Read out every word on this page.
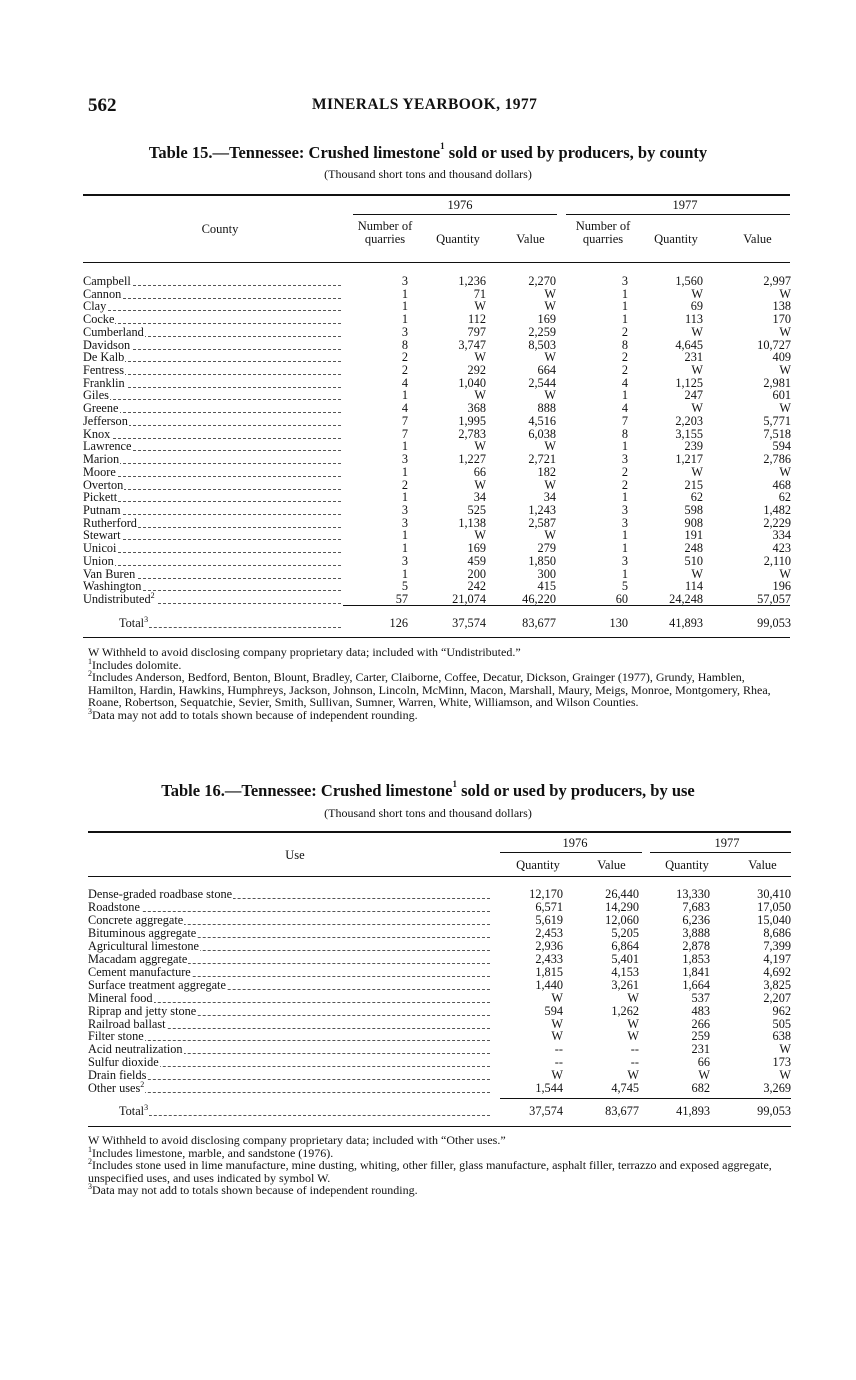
562	MINERALS YEARBOOK, 1977
Table 15.—Tennessee: Crushed limestone$^1$ sold or used by producers, by county
(Thousand short tons and thousand dollars)
1976	1977
County	Number of quarries	Quantity	Value
Number of quarries	Quantity	Value
Campbell	3	1,236	2,270	3	1,560	2,997
Cannon	1	71	W	1	W	W
Clay	1	W	W	1	69	138
Cocke	1	112	169	1	113	170
Cumberland	3	797	2,259	2	W	W
Davidson	8	3,747	8,503	8	4,645	10,727
De Kalb	2	W	W	2	231	409
Fentress	2	292	664	2	W	W
Franklin	4	1,040	2,544	4	1,125	2,981
Giles	1	W	W	1	247	601
Greene	4	368	888	4	W	W
Jefferson	7	1,995	4,516	7	2,203	5,771
Knox	7	2,783	6,038	8	3,155	7,518
Lawrence	1	W	W	1	239	594
Marion	3	1,227	2,721	3	1,217	2,786
Moore	1	66	182	2	W	W
Overton	2	W	W	2	215	468
Pickett	1	34	34	1	62	62
Putnam	3	525	1,243	3	598	1,482
Rutherford	3	1,138	2,587	3	908	2,229
Stewart	1	W	W	1	191	334
Unicoi	1	169	279	1	248	423
Union	3	459	1,850	3	510	2,110
Van Buren	1	200	300	1	W	W
Washington	5	242	415	5	114	196
Undistributed$^2$	57	21,074	46,220	60	24,248	57,057
Total$^3$	126	37,574	83,677	130	41,893	99,053

W Withheld to avoid disclosing company proprietary data; included with “Undistributed.”

$^1$Includes dolomite.

$^2$Includes Anderson, Bedford, Benton, Blount, Bradley, Carter, Claiborne, Coffee, Decatur, Dickson, Grainger (1977), Grundy, Hamblen, Hamilton, Hardin, Hawkins, Humphreys, Jackson, Johnson, Lincoln, McMinn, Macon, Marshall, Maury, Meigs, Monroe, Montgomery, Rhea, Roane, Robertson, Sequatchie, Sevier, Smith, Sullivan, Sumner, Warren, White, Williamson, and Wilson Counties.

$^3$Data may not add to totals shown because of independent rounding.

Table 16.—Tennessee: Crushed limestone$^1$ sold or used by producers, by use
(Thousand short tons and thousand dollars)
1976	1977
Use
Quantity	Value	Quantity	Value
Dense-graded roadbase stone	12,170	26,440	13,330	30,410
Roadstone	6,571	14,290	7,683	17,050
Concrete aggregate	5,619	12,060	6,236	15,040
Bituminous aggregate	2,453	5,205	3,888	8,686
Agricultural limestone	2,936	6,864	2,878	7,399
Macadam aggregate	2,433	5,401	1,853	4,197
Cement manufacture	1,815	4,153	1,841	4,692
Surface treatment aggregate	1,440	3,261	1,664	3,825
Mineral food	W	W	537	2,207
Riprap and jetty stone	594	1,262	483	962
Railroad ballast	W	W	266	505
Filter stone	W	W	259	638
Acid neutralization	--	--	231	W
Sulfur dioxide	--	--	66	173
Drain fields	W	W	W	W
Other uses$^2$	1,544	4,745	682	3,269
Total$^3$	37,574	83,677	41,893	99,053

W Withheld to avoid disclosing company proprietary data; included with “Other uses.”

$^1$Includes limestone, marble, and sandstone (1976).

$^2$Includes stone used in lime manufacture, mine dusting, whiting, other filler, glass manufacture, asphalt filler, terrazzo and exposed aggregate, unspecified uses, and uses indicated by symbol W.

$^3$Data may not add to totals shown because of independent rounding.
